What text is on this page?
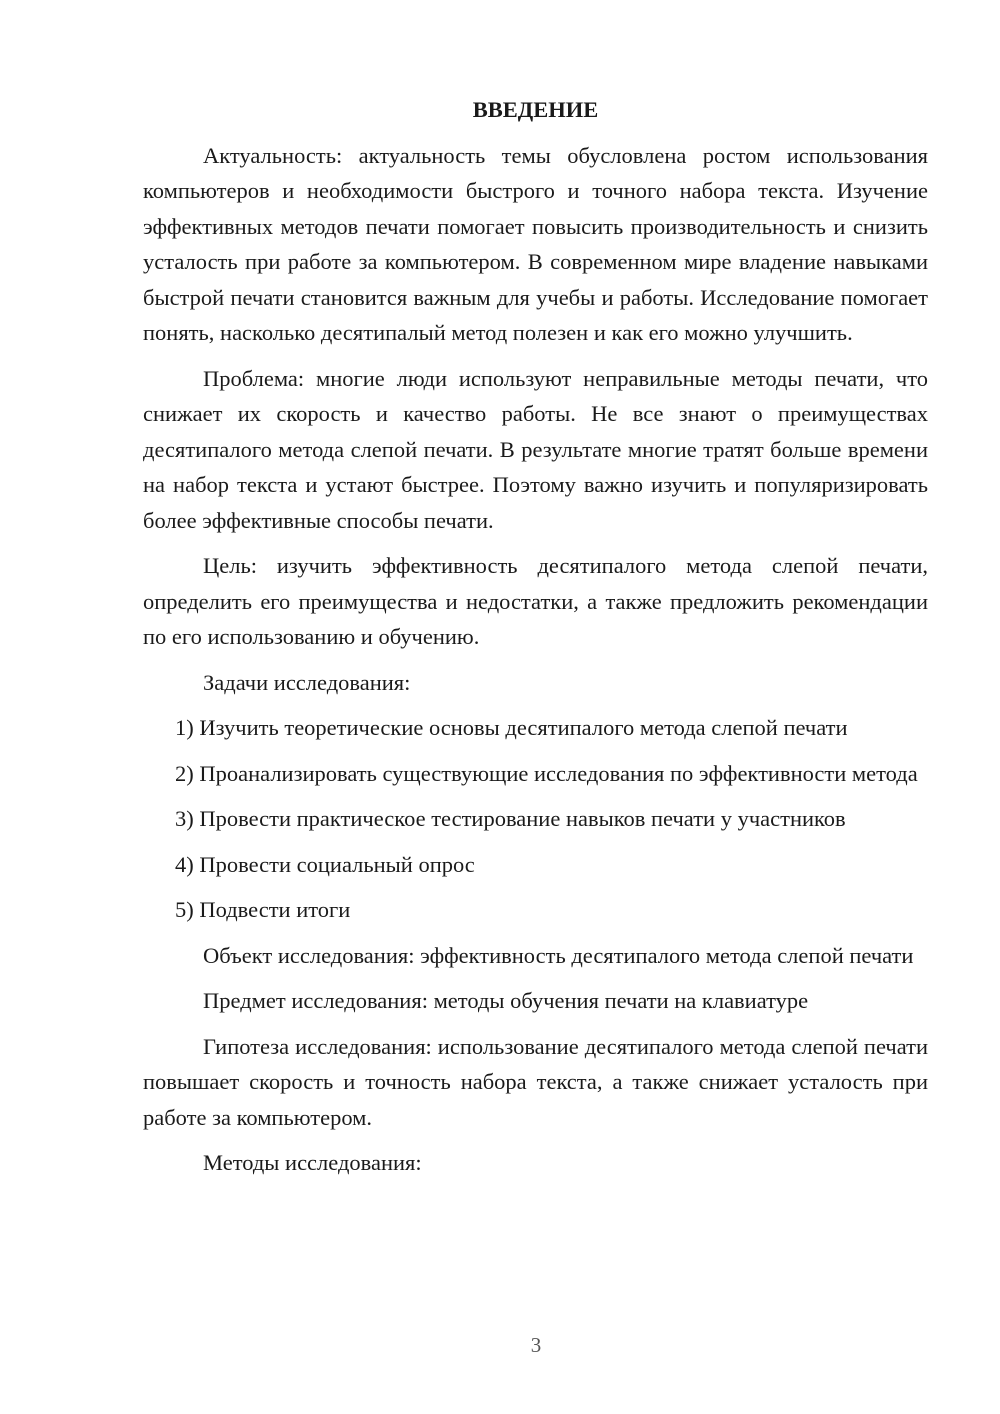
ВВЕДЕНИЕ

Актуальность: актуальность темы обусловлена ростом использования компьютеров и необходимости быстрого и точного набора текста. Изучение эффективных методов печати помогает повысить производительность и снизить усталость при работе за компьютером. В современном мире владение навыками быстрой печати становится важным для учебы и работы. Исследование помогает понять, насколько десятипалый метод полезен и как его можно улучшить.

Проблема: многие люди используют неправильные методы печати, что снижает их скорость и качество работы. Не все знают о преимуществах десятипалого метода слепой печати. В результате многие тратят больше времени на набор текста и устают быстрее. Поэтому важно изучить и популяризировать более эффективные способы печати.

Цель: изучить эффективность десятипалого метода слепой печати, определить его преимущества и недостатки, а также предложить рекомендации по его использованию и обучению.

Задачи исследования:

1) Изучить теоретические основы десятипалого метода слепой печати

2) Проанализировать существующие исследования по эффективности метода

3) Провести практическое тестирование навыков печати у участников

4) Провести социальный опрос

5) Подвести итоги

Объект исследования: эффективность десятипалого метода слепой печати

Предмет исследования: методы обучения печати на клавиатуре

Гипотеза исследования: использование десятипалого метода слепой печати повышает скорость и точность набора текста, а также снижает усталость при работе за компьютером.

Методы исследования:

3
